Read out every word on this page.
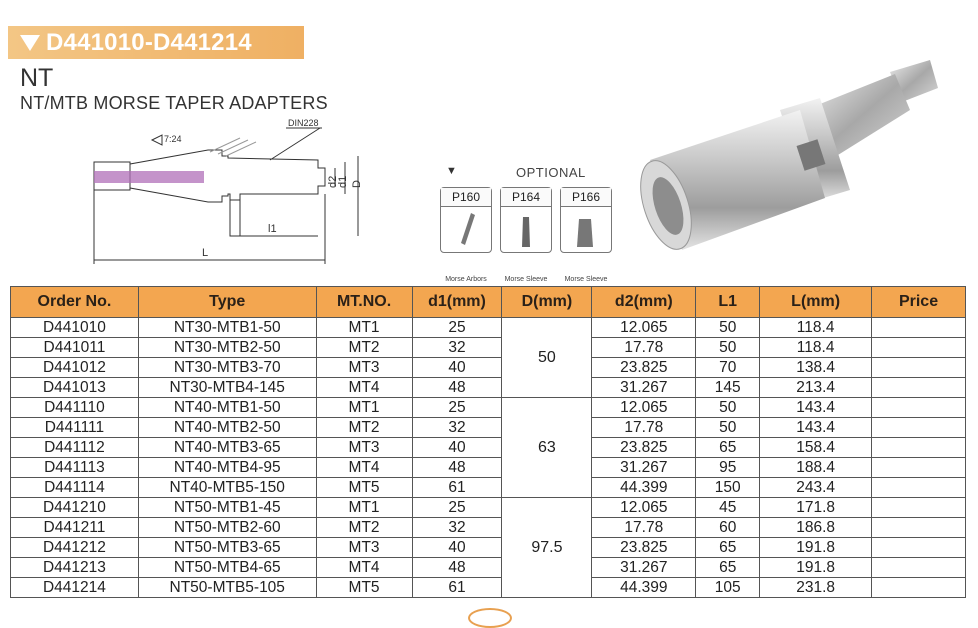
D441010-D441214
NT
NT/MTB MORSE TAPER ADAPTERS
7:24
DIN228
l1
L
d2
d1 D
▼	OPTIONAL
P160
Morse Arbors
P164
Morse Sleeve
P166
Morse Sleeve
Order No.	Type	MT.NO.	d1(mm)	D(mm)	d2(mm)	L1	L(mm)	Price
D441010	NT30-MTB1-50	MT1	25	50	12.065	50	118.4	
D441011	NT30-MTB2-50	MT2	32		17.78	50	118.4	
D441012	NT30-MTB3-70	MT3	40		23.825	70	138.4	
D441013	NT30-MTB4-145	MT4	48		31.267	145	213.4	
D441110	NT40-MTB1-50	MT1	25	63	12.065	50	143.4	
D441111	NT40-MTB2-50	MT2	32		17.78	50	143.4	
D441112	NT40-MTB3-65	MT3	40		23.825	65	158.4	
D441113	NT40-MTB4-95	MT4	48		31.267	95	188.4	
D441114	NT40-MTB5-150	MT5	61		44.399	150	243.4	
D441210	NT50-MTB1-45	MT1	25	97.5	12.065	45	171.8	
D441211	NT50-MTB2-60	MT2	32		17.78	60	186.8	
D441212	NT50-MTB3-65	MT3	40		23.825	65	191.8	
D441213	NT50-MTB4-65	MT4	48		31.267	65	191.8	
D441214	NT50-MTB5-105	MT5	61		44.399	105	231.8	
